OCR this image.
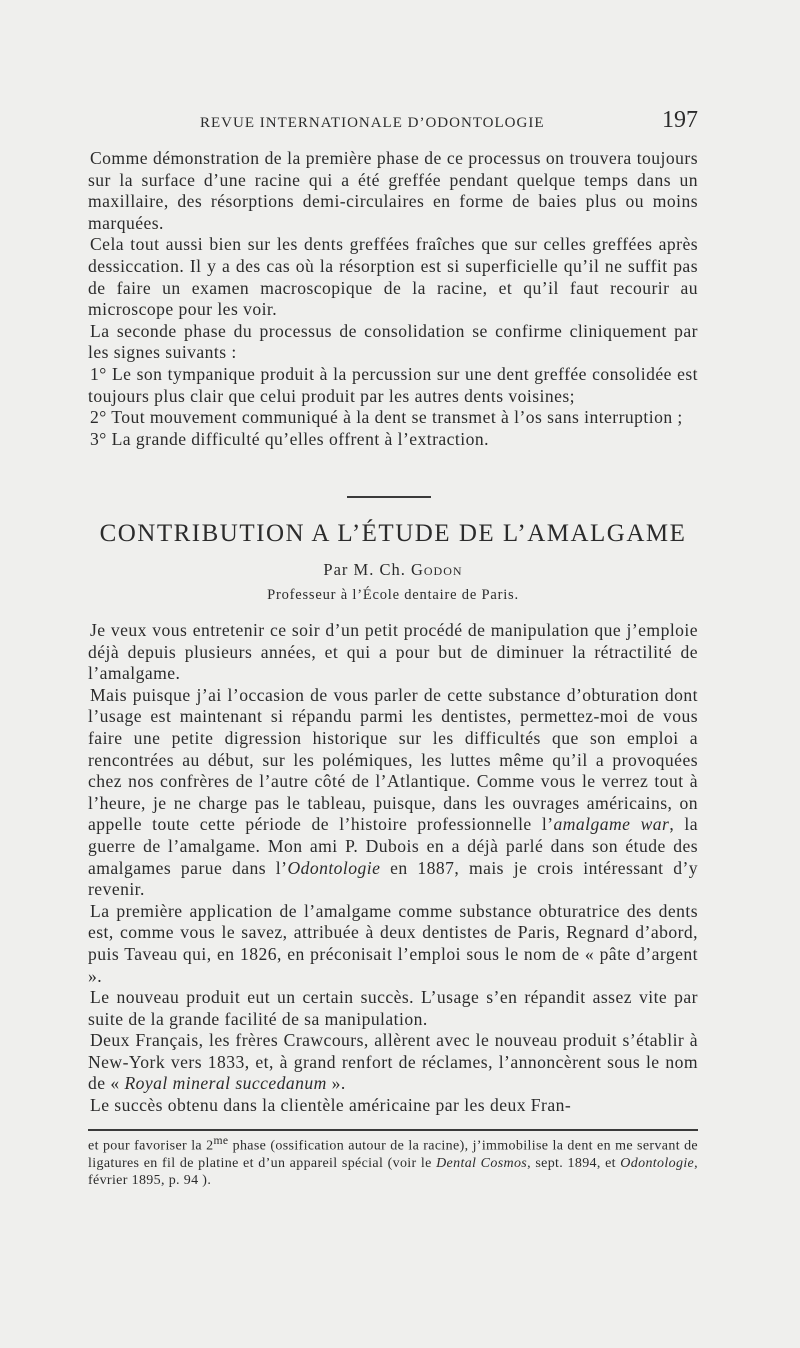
REVUE INTERNATIONALE D’ODONTOLOGIE	197

Comme démonstration de la première phase de ce processus on trouvera toujours sur la surface d’une racine qui a été greffée pendant quelque temps dans un maxillaire, des résorptions demi-circulaires en forme de baies plus ou moins marquées.

Cela tout aussi bien sur les dents greffées fraîches que sur celles greffées après dessiccation. Il y a des cas où la résorption est si superficielle qu’il ne suffit pas de faire un examen macroscopique de la racine, et qu’il faut recourir au microscope pour les voir.

La seconde phase du processus de consolidation se confirme cliniquement par les signes suivants :

1° Le son tympanique produit à la percussion sur une dent greffée consolidée est toujours plus clair que celui produit par les autres dents voisines;

2° Tout mouvement communiqué à la dent se transmet à l’os sans interruption ;

3° La grande difficulté qu’elles offrent à l’extraction.

CONTRIBUTION A L’ÉTUDE DE L’AMALGAME
Par M. Ch. Godon
Professeur à l’École dentaire de Paris.

Je veux vous entretenir ce soir d’un petit procédé de manipulation que j’emploie déjà depuis plusieurs années, et qui a pour but de diminuer la rétractilité de l’amalgame.

Mais puisque j’ai l’occasion de vous parler de cette substance d’obturation dont l’usage est maintenant si répandu parmi les dentistes, permettez-moi de vous faire une petite digression historique sur les difficultés que son emploi a rencontrées au début, sur les polémiques, les luttes même qu’il a provoquées chez nos confrères de l’autre côté de l’Atlantique. Comme vous le verrez tout à l’heure, je ne charge pas le tableau, puisque, dans les ouvrages américains, on appelle toute cette période de l’histoire professionnelle l’amalgame war, la guerre de l’amalgame. Mon ami P. Dubois en a déjà parlé dans son étude des amalgames parue dans l’Odontologie en 1887, mais je crois intéressant d’y revenir.

La première application de l’amalgame comme substance obturatrice des dents est, comme vous le savez, attribuée à deux dentistes de Paris, Regnard d’abord, puis Taveau qui, en 1826, en préconisait l’emploi sous le nom de « pâte d’argent ».

Le nouveau produit eut un certain succès. L’usage s’en répandit assez vite par suite de la grande facilité de sa manipulation.

Deux Français, les frères Crawcours, allèrent avec le nouveau produit s’établir à New-York vers 1833, et, à grand renfort de réclames, l’annoncèrent sous le nom de « Royal mineral succedanum ».

Le succès obtenu dans la clientèle américaine par les deux Fran-

et pour favoriser la $2^{me}$ phase (ossification autour de la racine), j’immobilise la dent en me servant de ligatures en fil de platine et d’un appareil spécial (voir le Dental Cosmos, sept. 1894, et Odontologie, février 1895, p. 94 ).
